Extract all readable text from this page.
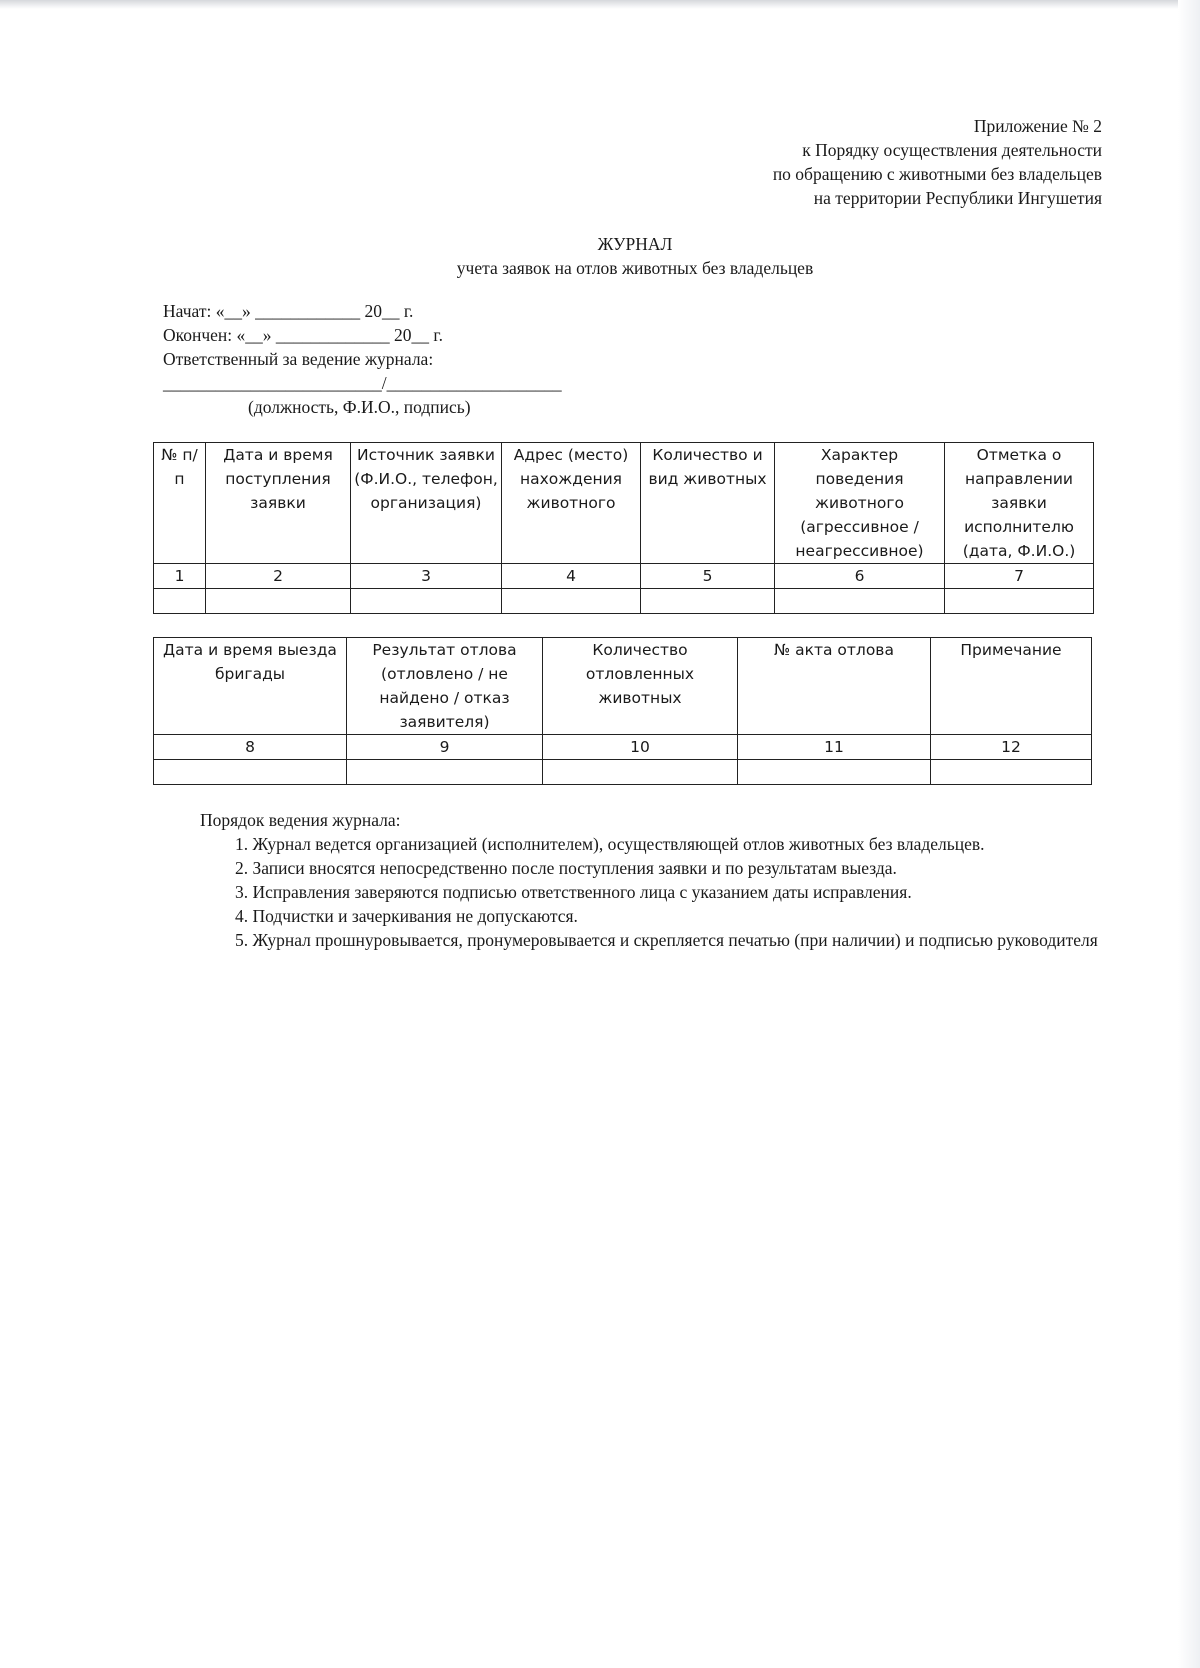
Приложение № 2
к Порядку осуществления деятельности
по обращению с животными без владельцев
на территории Республики Ингушетия
ЖУРНАЛ
учета заявок на отлов животных без владельцев
Начат: «__» ____________ 20__ г.
Окончен: «__» _____________ 20__ г.
Ответственный за ведение журнала:
_________________________/____________________
(должность, Ф.И.О., подпись)
№ п/п	Дата и время поступления заявки	Источник заявки (Ф.И.О., телефон, организация)	Адрес (место) нахождения животного	Количество и вид животных	Характер поведения животного (агрессивное / неагрессивное)	Отметка о направлении заявки исполнителю (дата, Ф.И.О.)
1	2	3	4	5	6	7

Дата и время выезда бригады	Результат отлова (отловлено / не найдено / отказ заявителя)	Количество отловленных животных	№ акта отлова	Примечание
8	9	10	11	12

Порядок ведения журнала:
1. Журнал ведется организацией (исполнителем), осуществляющей отлов животных без владельцев.
2. Записи вносятся непосредственно после поступления заявки и по результатам выезда.
3. Исправления заверяются подписью ответственного лица с указанием даты исправления.
4. Подчистки и зачеркивания не допускаются.
5. Журнал прошнуровывается, пронумеровывается и скрепляется печатью (при наличии) и подписью руководителя
